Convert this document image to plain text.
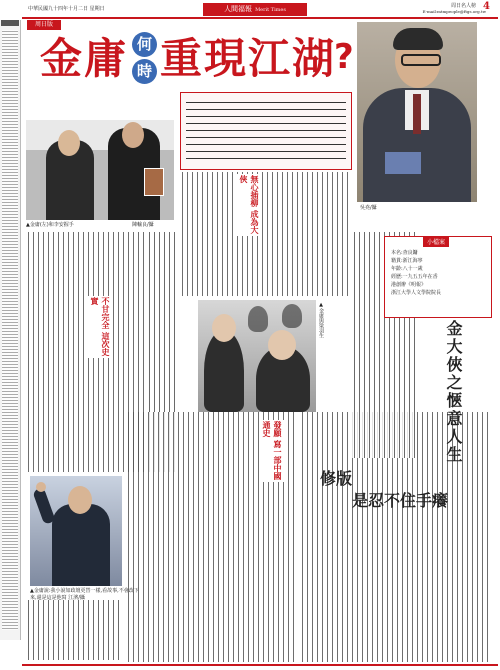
中華民國九十四年十月二日 星期日	人間福報 Merit Times
周日名人榜
E-mail:mtmpeople@ftgs.org.tw
4
周日版
金 庸 何
時 重 現 江 湖 ?
▲金庸(左)和李安握手	陳輸良/攝
吳堯/攝
無心插柳 成為大俠
不甘完全 這次史實
發願 寫一部中國通史
▲金庸與梁羽生
▲金庸說:我小說如政壇更替一樣,看故事,不會改下來,還是這是他寫 江濱/攝
小檔案
本名:查良鏞
籍貫:浙江海寧
年齡:八十一歲
經歷:一九五五年在香
港創辦《明報》
浙江大學人文學院院長
金大俠之愜意人生
修版
是忍不住手癢
